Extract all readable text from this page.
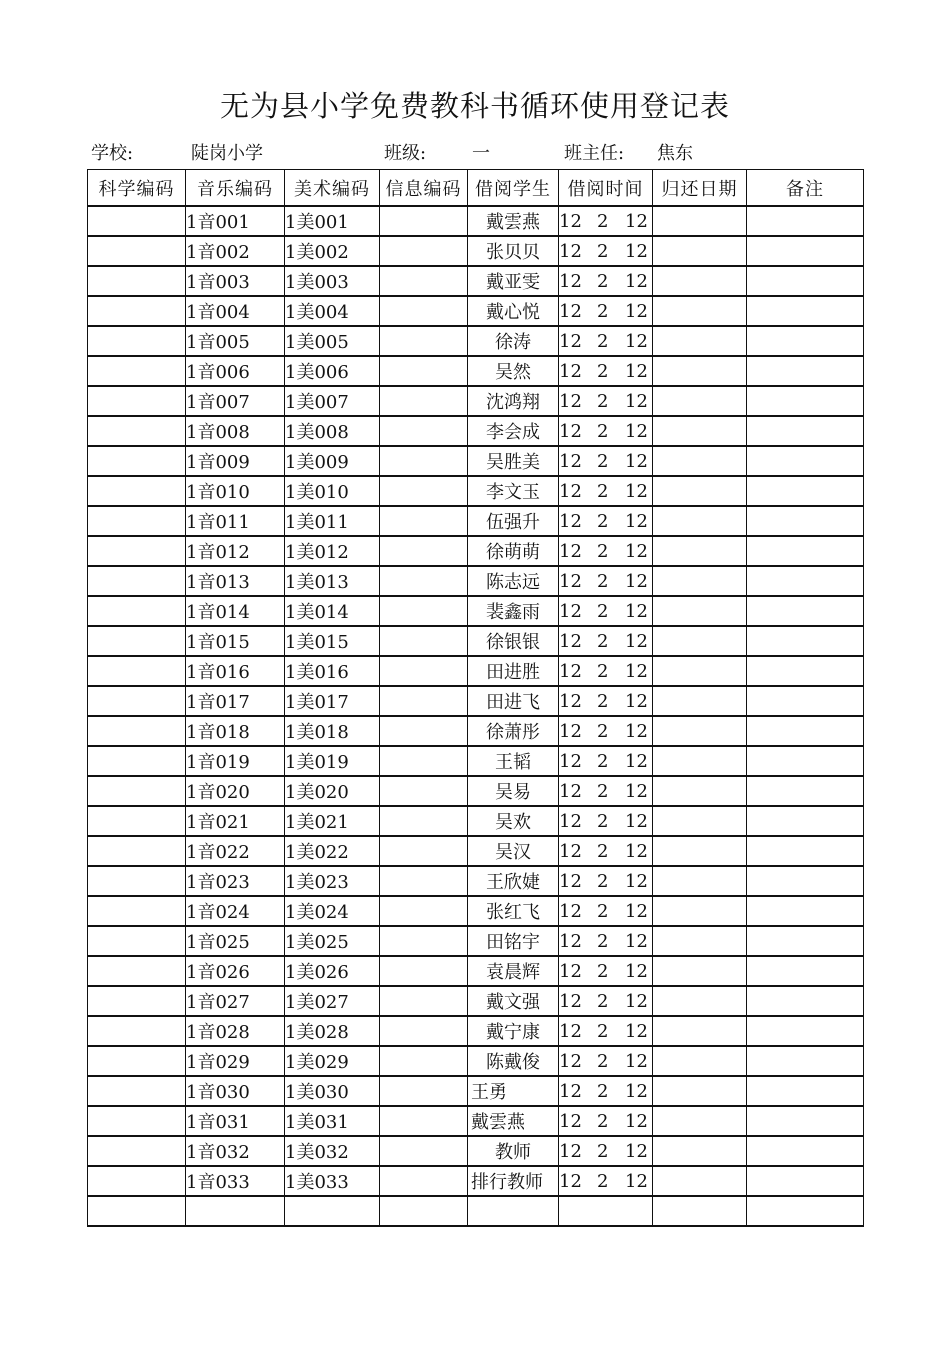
无为县小学免费教科书循环使用登记表
学校:	陡岗小学	班级:	一	班主任: 焦东
科学编码	音乐编码	美术编码	信息编码	借阅学生	借阅时间	归还日期	备注
	1音001	1美001		戴雲燕	12 2 12		
	1音002	1美002		张贝贝	12 2 12		
	1音003	1美003		戴亚雯	12 2 12		
	1音004	1美004		戴心悦	12 2 12		
	1音005	1美005		徐涛	12 2 12		
	1音006	1美006		吴然	12 2 12		
	1音007	1美007		沈鸿翔	12 2 12		
	1音008	1美008		李会成	12 2 12		
	1音009	1美009		吴胜美	12 2 12		
	1音010	1美010		李文玉	12 2 12		
	1音011	1美011		伍强升	12 2 12		
	1音012	1美012		徐萌萌	12 2 12		
	1音013	1美013		陈志远	12 2 12		
	1音014	1美014		裴鑫雨	12 2 12		
	1音015	1美015		徐银银	12 2 12		
	1音016	1美016		田进胜	12 2 12		
	1音017	1美017		田进飞	12 2 12		
	1音018	1美018		徐萧彤	12 2 12		
	1音019	1美019		王韬	12 2 12		
	1音020	1美020		吴易	12 2 12		
	1音021	1美021		吴欢	12 2 12		
	1音022	1美022		吴汉	12 2 12		
	1音023	1美023		王欣婕	12 2 12		
	1音024	1美024		张红飞	12 2 12		
	1音025	1美025		田铭宇	12 2 12		
	1音026	1美026		袁晨辉	12 2 12		
	1音027	1美027		戴文强	12 2 12		
	1音028	1美028		戴宁康	12 2 12		
	1音029	1美029		陈戴俊	12 2 12		
	1音030	1美030		王勇	12 2 12		
	1音031	1美031		戴雲燕	12 2 12		
	1音032	1美032		教师	12 2 12		
	1音033	1美033		排行教师	12 2 12		
